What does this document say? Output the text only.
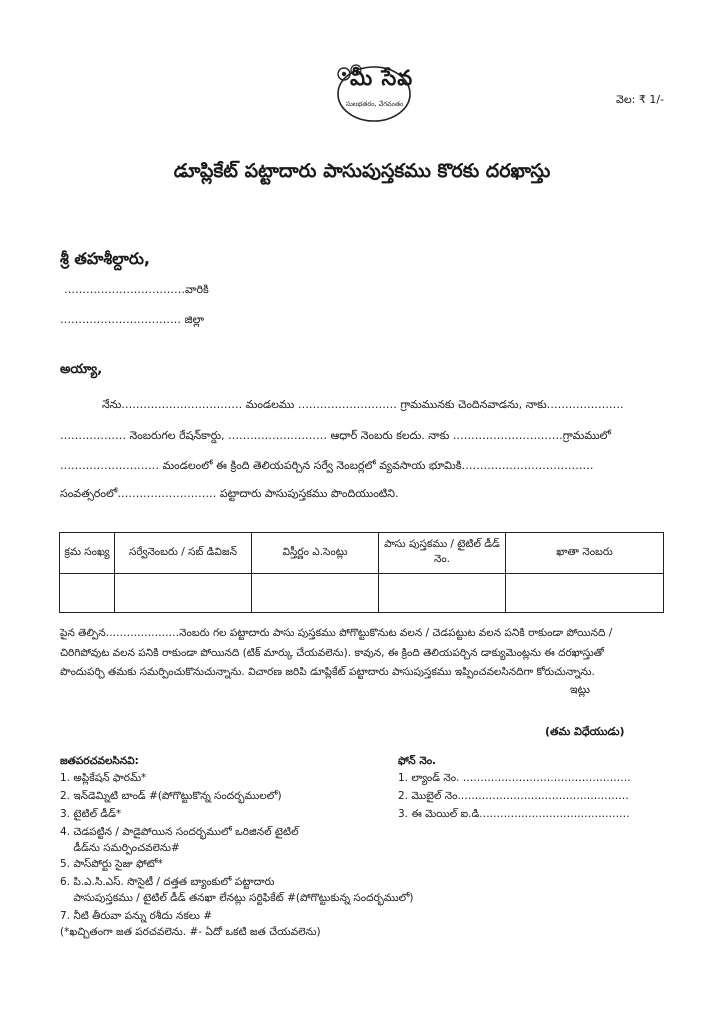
మీ సేవ
సులభతరం, వేగవంతం	వెల: ₹ 1/-
డూప్లికేట్ పట్టాదారు పాసుపుస్తకము కొరకు దరఖాస్తు
శ్రీ తహశీల్దారు,
……………………………వారికి
…………………………… జిల్లా
అయ్యా,
నేను…………………………… మండలము ……………………… గ్రామమునకు చెందినవాడను, నాకు…………………
……………… నెంబరుగల రేషన్‌కార్డు, ……………………… ఆధార్ నెంబరు కలదు. నాకు …………………………గ్రామములో
……………………… మండలంలో ఈ క్రింది తెలియపర్చిన సర్వే నెంబర్లలో వ్యవసాయ భూమికి………………………………
సంవత్సరంలో……………………… పట్టాదారు పాసుపుస్తకము పొందియుంటిని.
క్రమ సంఖ్య	సర్వేనెంబరు / సబ్ డివిజన్	విస్తీర్ణం ఎ.సెంట్లు	పాసు పుస్తకము / టైటిల్ డీడ్ నెం.	ఖాతా నెంబరు

పైన తెల్పిన…………………నెంబరు గల పట్టాదారు పాసు పుస్తకము పోగొట్టుకొనుట వలన / చెడపట్టుట వలన పనికి రాకుండా పోయినది /
చిరిగిపోవుట వలన పనికి రాకుండా పోయినది (టిక్ మార్కు చేయవలెను). కావున, ఈ క్రింది తెలియపర్చిన డాక్యుమెంట్లను ఈ దరఖాస్తుతో
పొందుపర్చి తమకు సమర్పించుకొనుచున్నాను. విచారణ జరిపి డూప్లికేట్ పట్టాదారు పాసుపుస్తకము ఇప్పించవలసినదిగా కోరుచున్నాను.
ఇట్లు
(తమ విధేయుడు)
జతపరచవలసినవి:
1. అప్లికేషన్ ఫారమ్*
2. ఇన్‌డెమ్నిటి బాండ్ #(పోగొట్టుకొన్న సందర్భములలో)
3. టైటిల్ డీడ్*
4. చెడపట్టిన / పాడైపోయిన సందర్భములో ఒరిజినల్ టైటిల్
డీడ్‌ను సమర్పించవలెను#
5. పాస్‌పోర్టు సైజు ఫోటో*
6. పి.ఎ.సి.ఎస్. సొసైటీ / దత్తత బ్యాంకులో పట్టాదారు
పాసుపుస్తకము / టైటిల్ డీడ్ తనఖా లేనట్లు సర్టిఫికేట్ #(పోగొట్టుకున్న సందర్భములో)
7. నీటి తీరువా పన్ను రశీదు నకలు #
(*ఖచ్చితంగా జత పరచవలెను. #- ఏదో ఒకటి జత చేయవలెను)
ఫోన్ నెం.
1. ల్యాండ్ నెం. …………………………………………
2. మొబైల్ నెం.…………………………………………
3. ఈ మెయిల్ ఐ.డి.……………………………………
